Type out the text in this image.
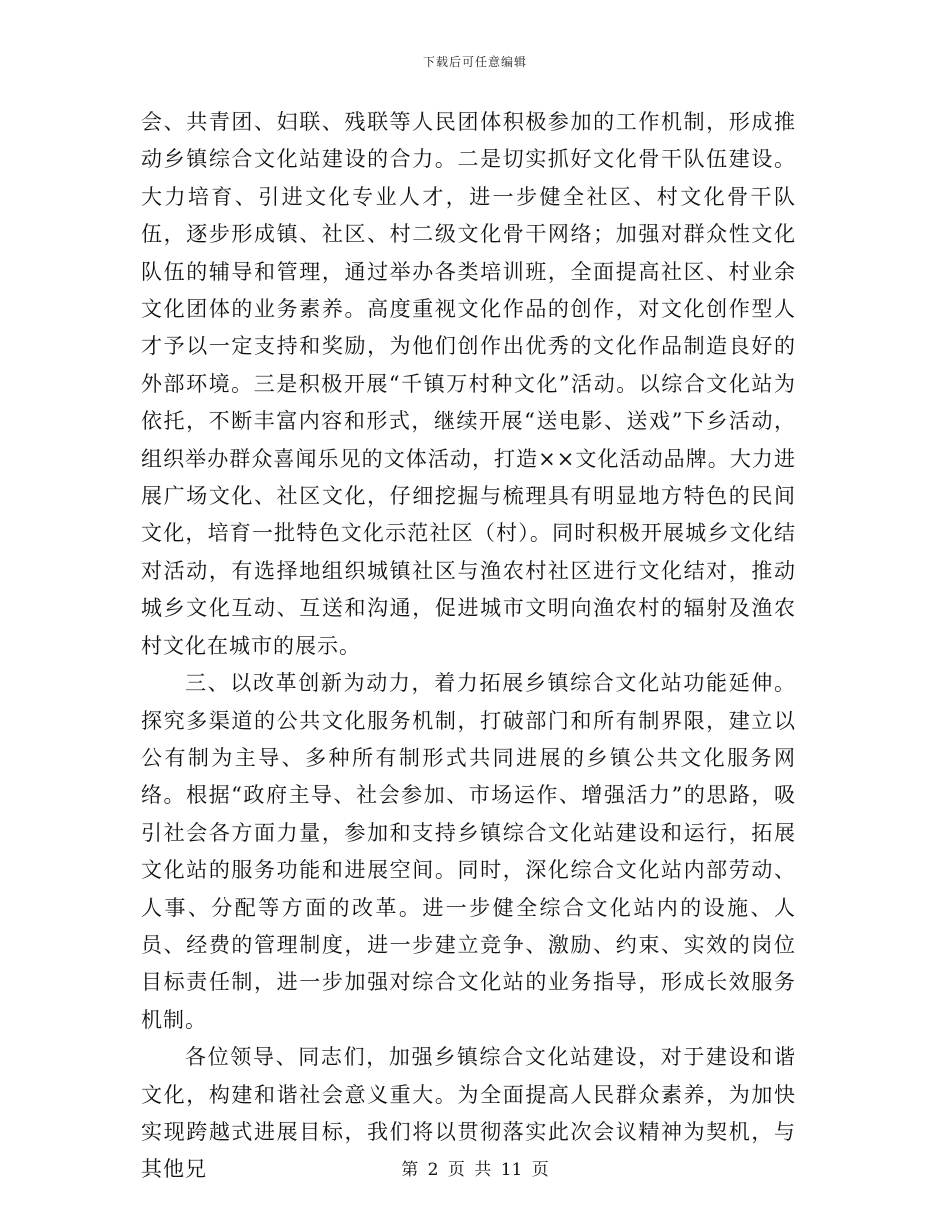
下载后可任意编辑

会、共青团、妇联、残联等人民团体积极参加的工作机制，形成推动乡镇综合文化站建设的合力。二是切实抓好文化骨干队伍建设。大力培育、引进文化专业人才，进一步健全社区、村文化骨干队伍，逐步形成镇、社区、村二级文化骨干网络；加强对群众性文化队伍的辅导和管理，通过举办各类培训班，全面提高社区、村业余文化团体的业务素养。高度重视文化作品的创作，对文化创作型人才予以一定支持和奖励，为他们创作出优秀的文化作品制造良好的外部环境。三是积极开展“千镇万村种文化”活动。以综合文化站为依托，不断丰富内容和形式，继续开展“送电影、送戏”下乡活动，组织举办群众喜闻乐见的文体活动，打造××文化活动品牌。大力进展广场文化、社区文化，仔细挖掘与梳理具有明显地方特色的民间文化，培育一批特色文化示范社区（村）。同时积极开展城乡文化结对活动，有选择地组织城镇社区与渔农村社区进行文化结对，推动城乡文化互动、互送和沟通，促进城市文明向渔农村的辐射及渔农村文化在城市的展示。

三、以改革创新为动力，着力拓展乡镇综合文化站功能延伸。探究多渠道的公共文化服务机制，打破部门和所有制界限，建立以公有制为主导、多种所有制形式共同进展的乡镇公共文化服务网络。根据“政府主导、社会参加、市场运作、增强活力”的思路，吸引社会各方面力量，参加和支持乡镇综合文化站建设和运行，拓展文化站的服务功能和进展空间。同时，深化综合文化站内部劳动、人事、分配等方面的改革。进一步健全综合文化站内的设施、人员、经费的管理制度，进一步建立竞争、激励、约束、实效的岗位目标责任制，进一步加强对综合文化站的业务指导，形成长效服务机制。

各位领导、同志们，加强乡镇综合文化站建设，对于建设和谐文化，构建和谐社会意义重大。为全面提高人民群众素养，为加快实现跨越式进展目标，我们将以贯彻落实此次会议精神为契机，与其他兄	第 2 页 共 11 页
